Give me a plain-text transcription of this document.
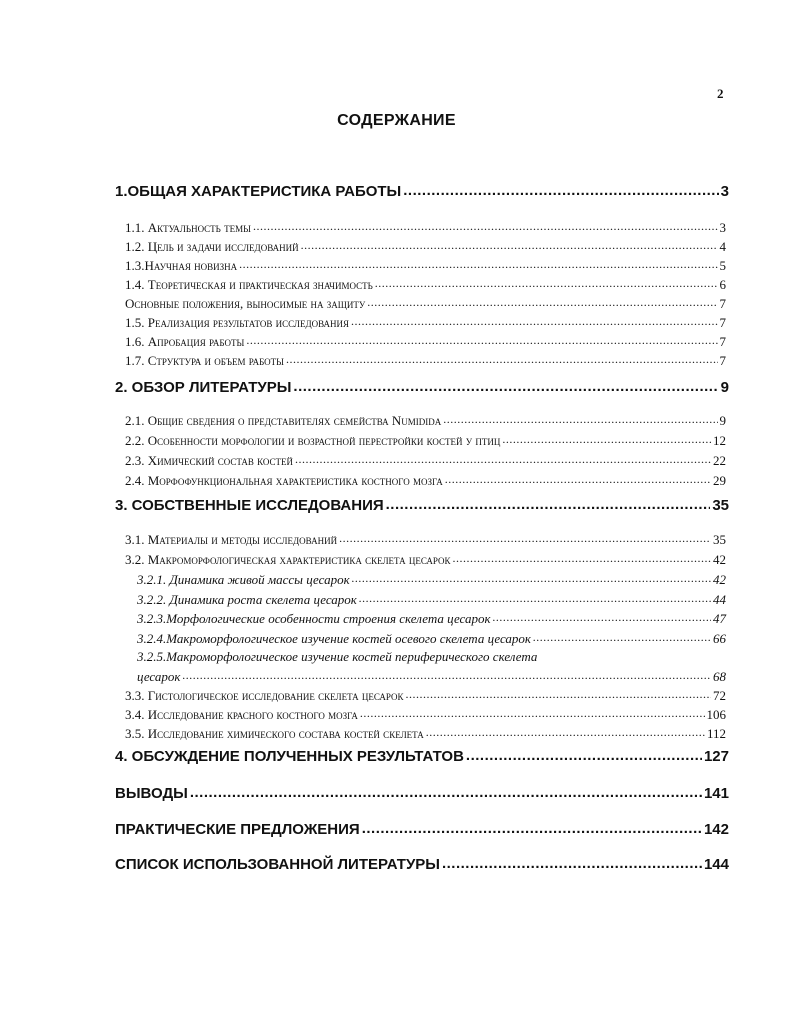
2
СОДЕРЖАНИЕ
1.ОБЩАЯ ХАРАКТЕРИСТИКА РАБОТЫ .....	3
1.1. Актуальность темы .....	3
1.2. Цель и задачи исследований .....	4
1.3.Научная новизна .....	5
1.4. Теоретическая и практическая значимость .....	6
Основные положения, выносимые на защиту .....	7
1.5. Реализация результатов исследования .....	7
1.6. Апробация работы .....	7
1.7. Структура и объем работы .....	7
2. ОБЗОР ЛИТЕРАТУРЫ .....	9
2.1. Общие сведения о представителях семейства Numidida .....	9
2.2. Особенности морфологии и возрастной перестройки костей у птиц .....	12
2.3. Химический состав костей .....	22
2.4. Морфофункциональная характеристика костного мозга .....	29
3. СОБСТВЕННЫЕ ИССЛЕДОВАНИЯ .....	35
3.1. Материалы и методы исследований .....	35
3.2. Макроморфологическая характеристика скелета цесарок .....	42
3.2.1. Динамика живой массы цесарок .....	42
3.2.2. Динамика роста скелета цесарок .....	44
3.2.3.Морфологические особенности строения скелета цесарок .....	47
3.2.4.Макроморфологическое изучение костей осевого скелета цесарок .....	66
3.2.5.Макроморфологическое изучение костей периферического скелета
цесарок .....	68
3.3. Гистологическое исследование скелета цесарок .....	72
3.4. Исследование красного костного мозга .....	106
3.5. Исследование химического состава костей скелета .....	112
4. ОБСУЖДЕНИЕ ПОЛУЧЕННЫХ РЕЗУЛЬТАТОВ .....	127
ВЫВОДЫ .....	141
ПРАКТИЧЕСКИЕ ПРЕДЛОЖЕНИЯ .....	142
СПИСОК ИСПОЛЬЗОВАННОЙ ЛИТЕРАТУРЫ .....	144
